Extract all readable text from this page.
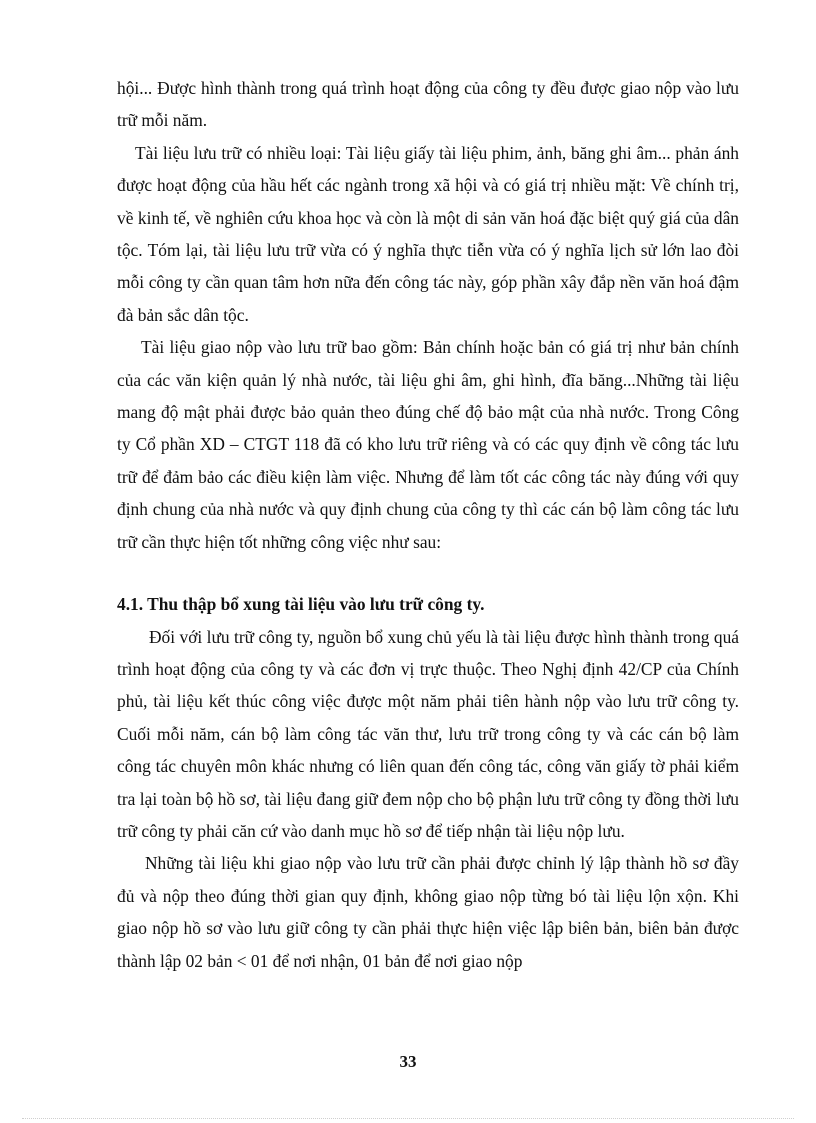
hội... Được hình thành trong quá trình hoạt động của công ty đều được giao nộp vào lưu trữ mỗi năm.

Tài liệu lưu trữ có nhiều loại: Tài liệu giấy tài liệu phim, ảnh, băng ghi âm... phản ánh được hoạt động của hầu hết các ngành trong xã hội và có giá trị nhiều mặt: Về chính trị, về kinh tế, về nghiên cứu khoa học và còn là một di sản văn hoá đặc biệt quý giá của dân tộc. Tóm lại, tài liệu lưu trữ vừa có ý nghĩa thực tiễn vừa có ý nghĩa lịch sử lớn lao đòi mỗi công ty cần quan tâm hơn nữa đến công tác này, góp phần xây đắp nền văn hoá đậm đà bản sắc dân tộc.

Tài liệu giao nộp vào lưu trữ bao gồm: Bản chính hoặc bản có giá trị như bản chính của các văn kiện quản lý nhà nước, tài liệu ghi âm, ghi hình, đĩa băng...Những tài liệu mang độ mật phải được bảo quản theo đúng chế độ bảo mật của nhà nước. Trong Công ty Cổ phần XD – CTGT 118 đã có kho lưu trữ riêng và có các quy định về công tác lưu trữ để đảm bảo các điều kiện làm việc. Nhưng để làm tốt các công tác này đúng với quy định chung của nhà nước và quy định chung của công ty thì các cán bộ làm công tác lưu trữ cần thực hiện tốt những công việc như sau:

4.1. Thu thập bổ xung tài liệu vào lưu trữ công ty.

Đối với lưu trữ công ty, nguồn bổ xung chủ yếu là tài liệu được hình thành trong quá trình hoạt động của công ty và các đơn vị trực thuộc. Theo Nghị định 42/CP của Chính phủ, tài liệu kết thúc công việc được một năm phải tiên hành nộp vào lưu trữ công ty. Cuối mỗi năm, cán bộ làm công tác văn thư, lưu trữ trong công ty và các cán bộ làm công tác chuyên môn khác nhưng có liên quan đến công tác, công văn giấy tờ phải kiểm tra lại toàn bộ hồ sơ, tài liệu đang giữ đem nộp cho bộ phận lưu trữ công ty đồng thời lưu trữ công ty phải căn cứ vào danh mục hồ sơ để tiếp nhận tài liệu nộp lưu.

Những tài liệu khi giao nộp vào lưu trữ cần phải được chỉnh lý lập thành hồ sơ đầy đủ và nộp theo đúng thời gian quy định, không giao nộp từng bó tài liệu lộn xộn. Khi giao nộp hồ sơ vào lưu giữ công ty cần phải thực hiện việc lập biên bản, biên bản được thành lập 02 bản < 01 để nơi nhận, 01 bản để nơi giao nộp

33
